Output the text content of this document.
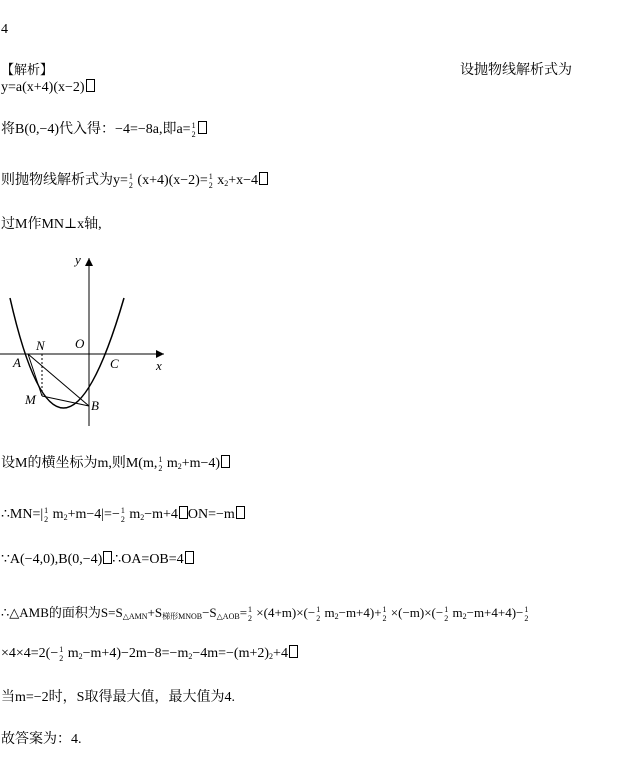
4
【解析】	设抛物线解析式为
y=a(x+4)(x−2)
将B(0,−4)代入得：−4=−8a,即a= 1
2
则抛物线解析式为y= 1
2 (x+4)(x−2)= 1
2 $x_2+x-4$
过M作MN⊥x轴,
y
x
N O
C
A
M	B
设M的横坐标为m,则M(m, 1
2 $m_2+m-4$)
∴MN=| 1
2 $m_2+m-4|=- 1$
2 $m_2-m+4$ ON=−m
∵A(−4,0),B(0,−4) ∴OA=OB=4
∴△AMB的面积为$S=S_{\triangle AMN}+S_{梯形MNOB}-S_{\triangle AOB}= 1$
2 ×(4+m)×(− 1
2 $m_2-m+4)+ 1$
2 ×(−m)×(− 1
2 $m_2-m+4+4)- 1$
2
×4×4=2(− 1
2 $m_2-m+4)-2m-8=-m_2-4m=-(m+2)_2+4$
当m=−2时，S取得最大值，最大值为4.
故答案为：4.
